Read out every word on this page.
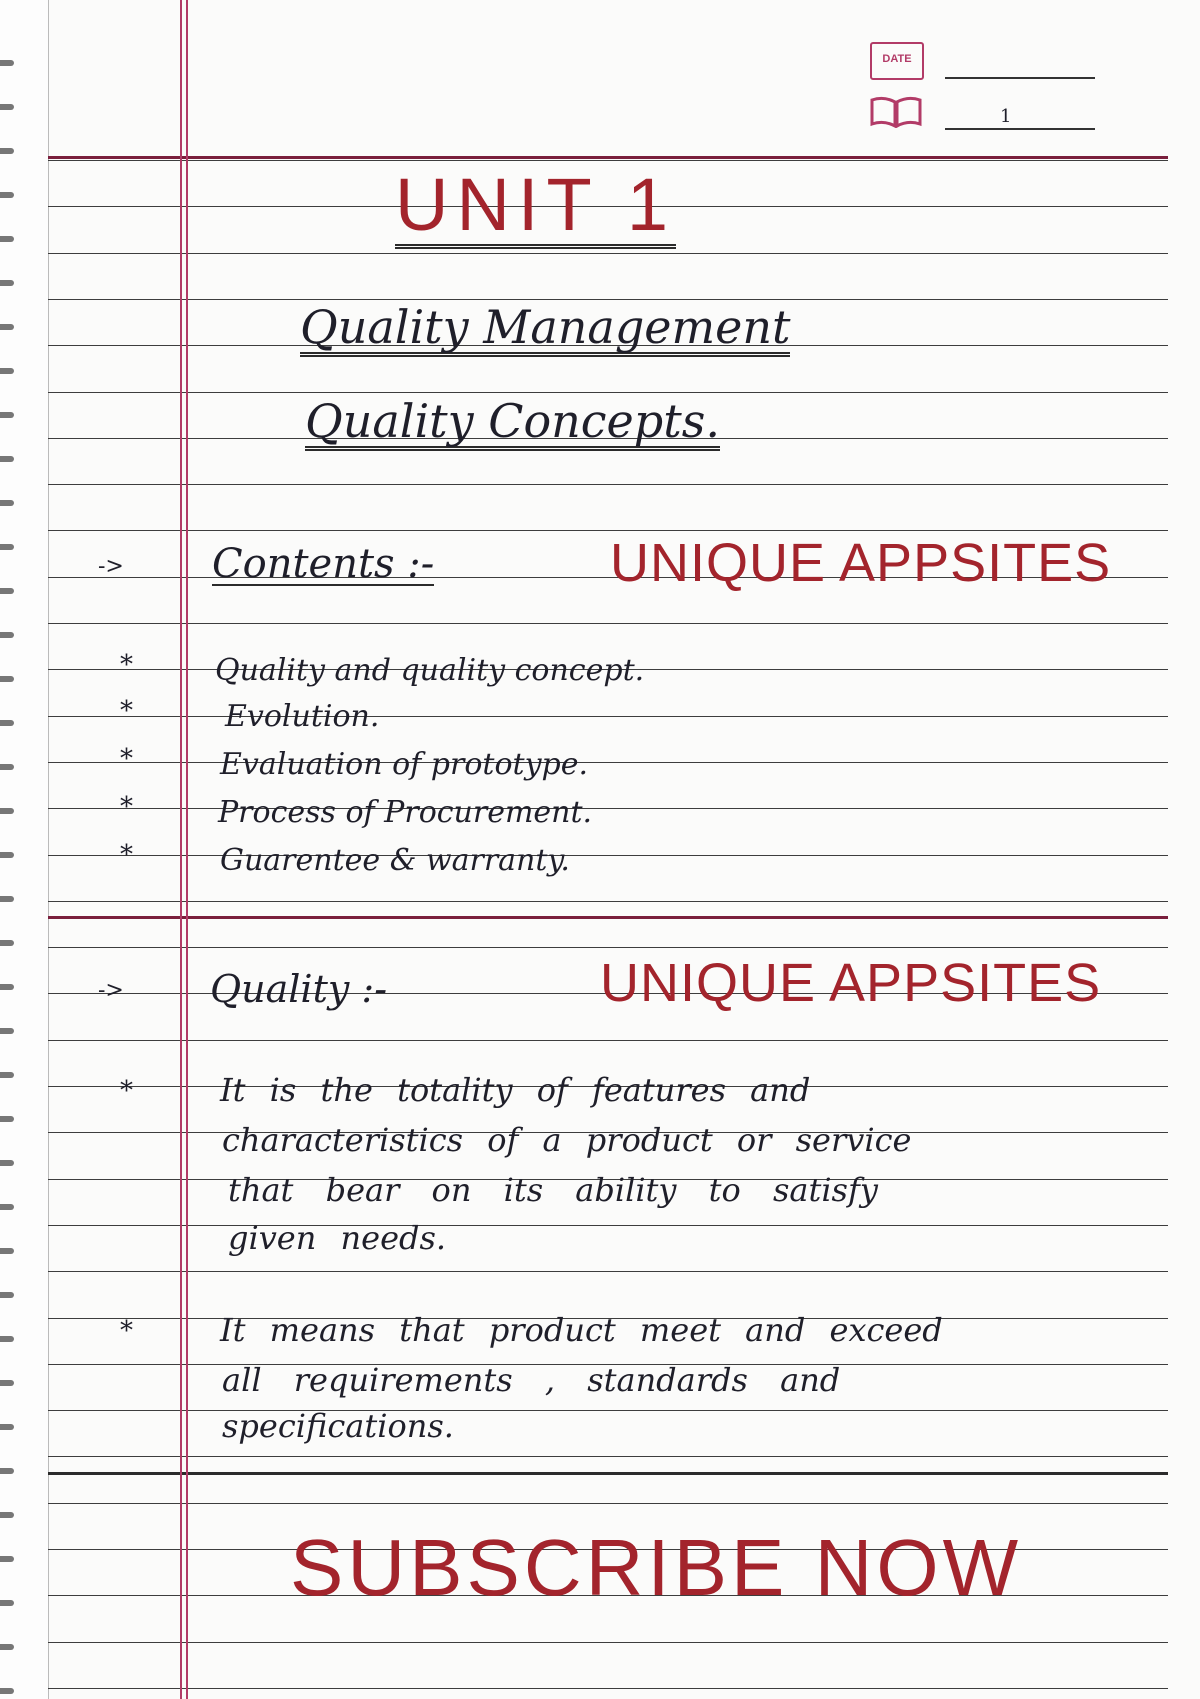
DATE
1
UNIT 1
Quality Management
Quality Concepts.
-> Contents :-	UNIQUE APPSITES
*	Quality and quality concept.
*	Evolution.
*	Evaluation of prototype.
*	Process of Procurement.
*	Guarentee & warranty.
-> Quality :-	UNIQUE APPSITES
*	It is the totality of features and
characteristics of a product or service
that bear on its ability to satisfy
given needs.
*	It means that product meet and exceed
all requirements , standards and
specifications.
SUBSCRIBE NOW
